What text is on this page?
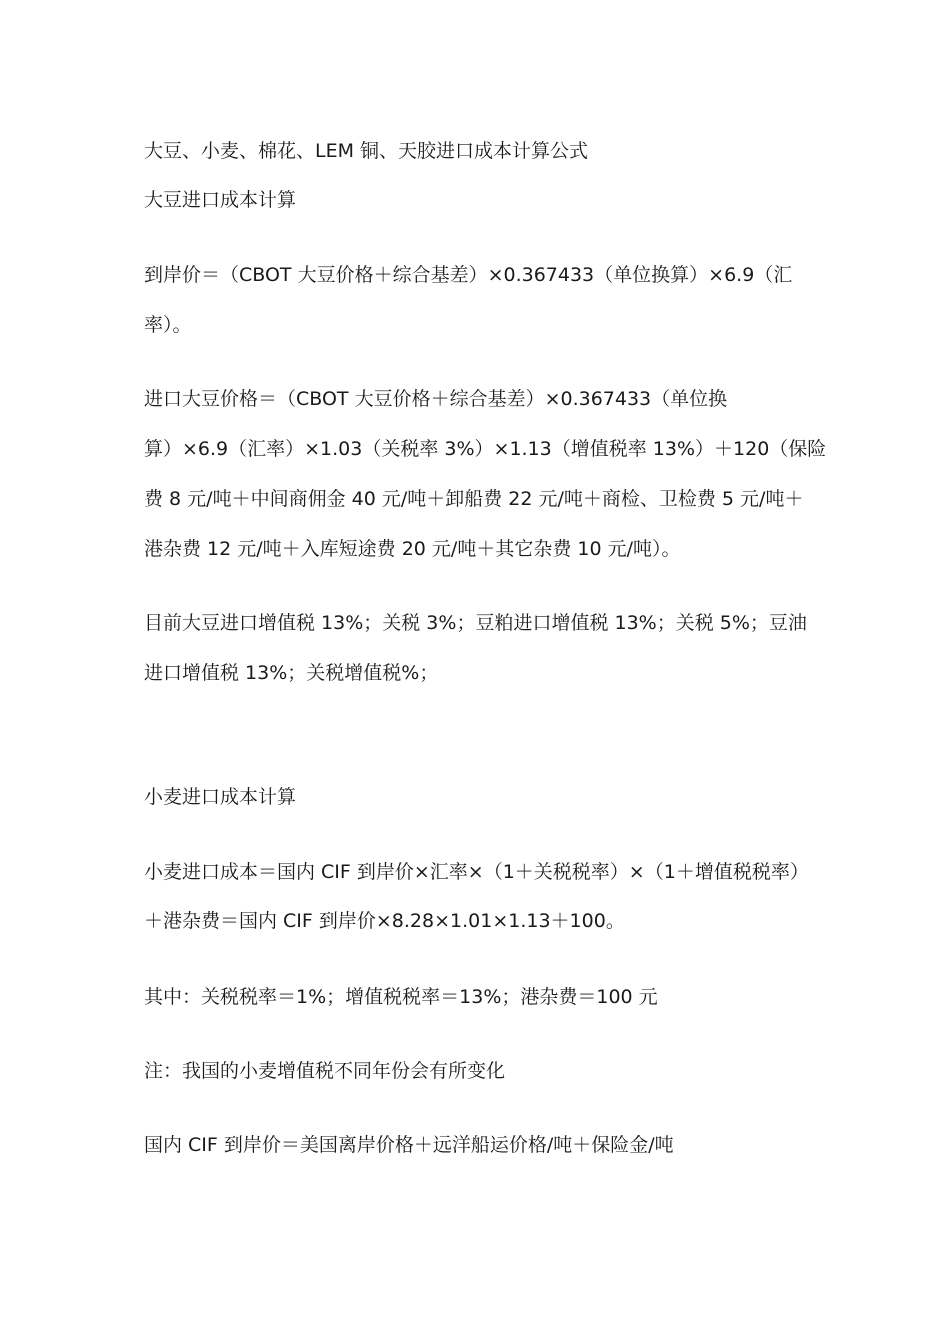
大豆、小麦、棉花、LEM 铜、天胶进口成本计算公式
大豆进口成本计算
到岸价＝（CBOT 大豆价格＋综合基差）×0.367433（单位换算）×6.9（汇
率）。
进口大豆价格＝（CBOT 大豆价格＋综合基差）×0.367433（单位换
算）×6.9（汇率）×1.03（关税率 3%）×1.13（增值税率 13%）＋120（保险
费 8 元/吨＋中间商佣金 40 元/吨＋卸船费 22 元/吨＋商检、卫检费 5 元/吨＋
港杂费 12 元/吨＋入库短途费 20 元/吨＋其它杂费 10 元/吨）。
目前大豆进口增值税 13%；关税 3%；豆粕进口增值税 13%；关税 5%；豆油
进口增值税 13%；关税增值税%；
小麦进口成本计算
小麦进口成本＝国内 CIF 到岸价×汇率×（1＋关税税率）×（1＋增值税税率）
＋港杂费＝国内 CIF 到岸价×8.28×1.01×1.13＋100。
其中：关税税率＝1%；增值税税率＝13%；港杂费＝100 元
注：我国的小麦增值税不同年份会有所变化
国内 CIF 到岸价＝美国离岸价格＋远洋船运价格/吨＋保险金/吨
